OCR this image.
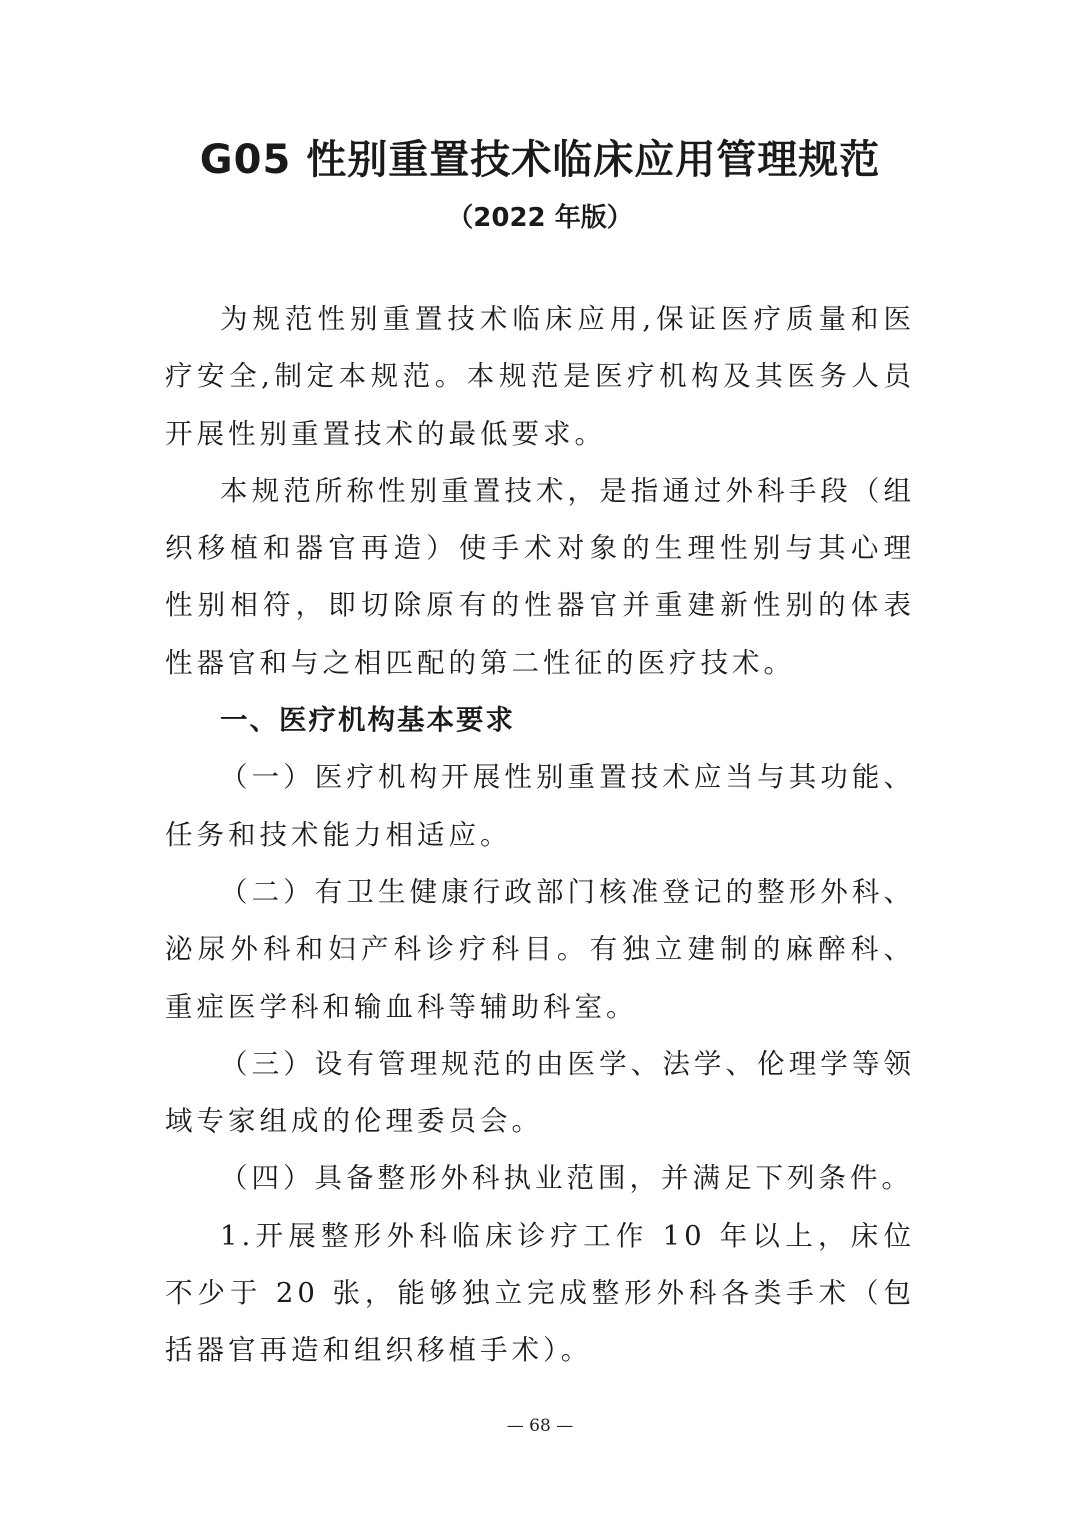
G05 性别重置技术临床应用管理规范
（2022 年版）

为规范性别重置技术临床应用,保证医疗质量和医疗安全,制定本规范。本规范是医疗机构及其医务人员开展性别重置技术的最低要求。

本规范所称性别重置技术，是指通过外科手段（组织移植和器官再造）使手术对象的生理性别与其心理性别相符，即切除原有的性器官并重建新性别的体表性器官和与之相匹配的第二性征的医疗技术。

一、医疗机构基本要求

（一）医疗机构开展性别重置技术应当与其功能、任务和技术能力相适应。

（二）有卫生健康行政部门核准登记的整形外科、泌尿外科和妇产科诊疗科目。有独立建制的麻醉科、重症医学科和输血科等辅助科室。

（三）设有管理规范的由医学、法学、伦理学等领域专家组成的伦理委员会。

（四）具备整形外科执业范围，并满足下列条件。

1.开展整形外科临床诊疗工作 10 年以上，床位不少于 20 张，能够独立完成整形外科各类手术（包括器官再造和组织移植手术）。

— 68 —
